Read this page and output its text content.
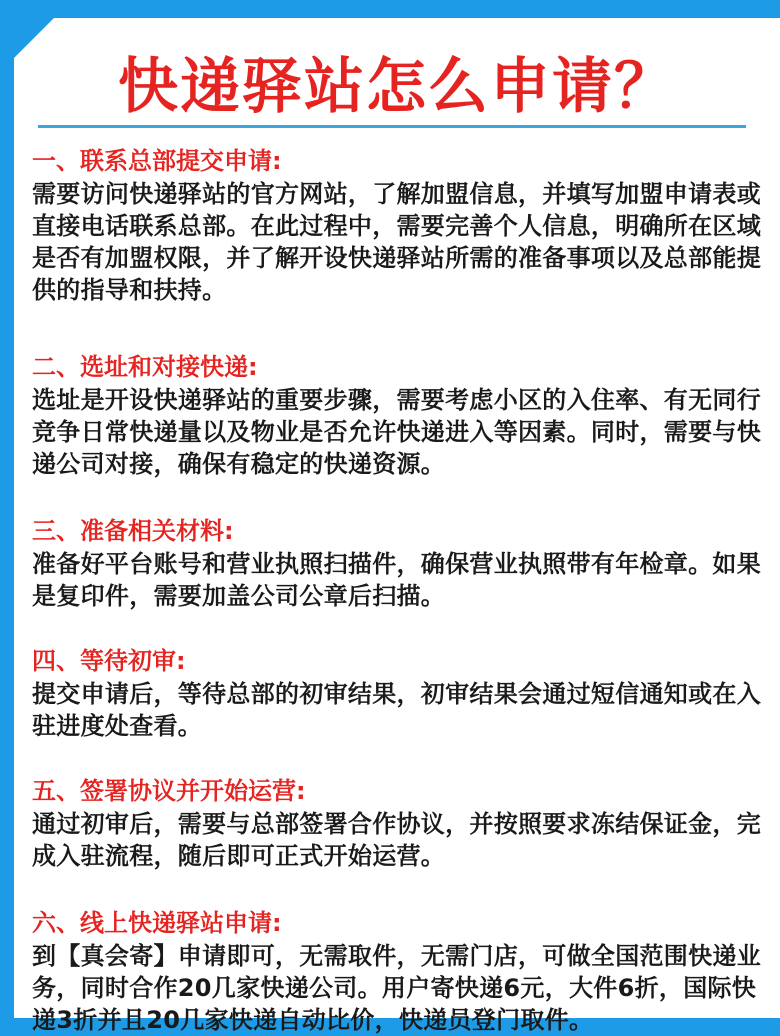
快递驿站怎么申请？
一、联系总部提交申请:
需要访问快递驿站的官方网站，了解加盟信息，并填写加盟申请表或直接电话联系总部。在此过程中，需要完善个人信息，明确所在区域是否有加盟权限，并了解开设快递驿站所需的准备事项以及总部能提供的指导和扶持。
二、选址和对接快递:
选址是开设快递驿站的重要步骤，需要考虑小区的入住率、有无同行竞争日常快递量以及物业是否允许快递进入等因素。同时，需要与快递公司对接，确保有稳定的快递资源。
三、准备相关材料:
准备好平台账号和营业执照扫描件，确保营业执照带有年检章。如果是复印件，需要加盖公司公章后扫描。
四、等待初审:
提交申请后，等待总部的初审结果，初审结果会通过短信通知或在入驻进度处查看。
五、签署协议并开始运营:
通过初审后，需要与总部签署合作协议，并按照要求冻结保证金，完成入驻流程，随后即可正式开始运营。
六、线上快递驿站申请:
到【真会寄】申请即可，无需取件，无需门店，可做全国范围快递业务，同时合作20几家快递公司。用户寄快递6元，大件6折，国际快递3折并且20几家快递自动比价，快递员登门取件。
